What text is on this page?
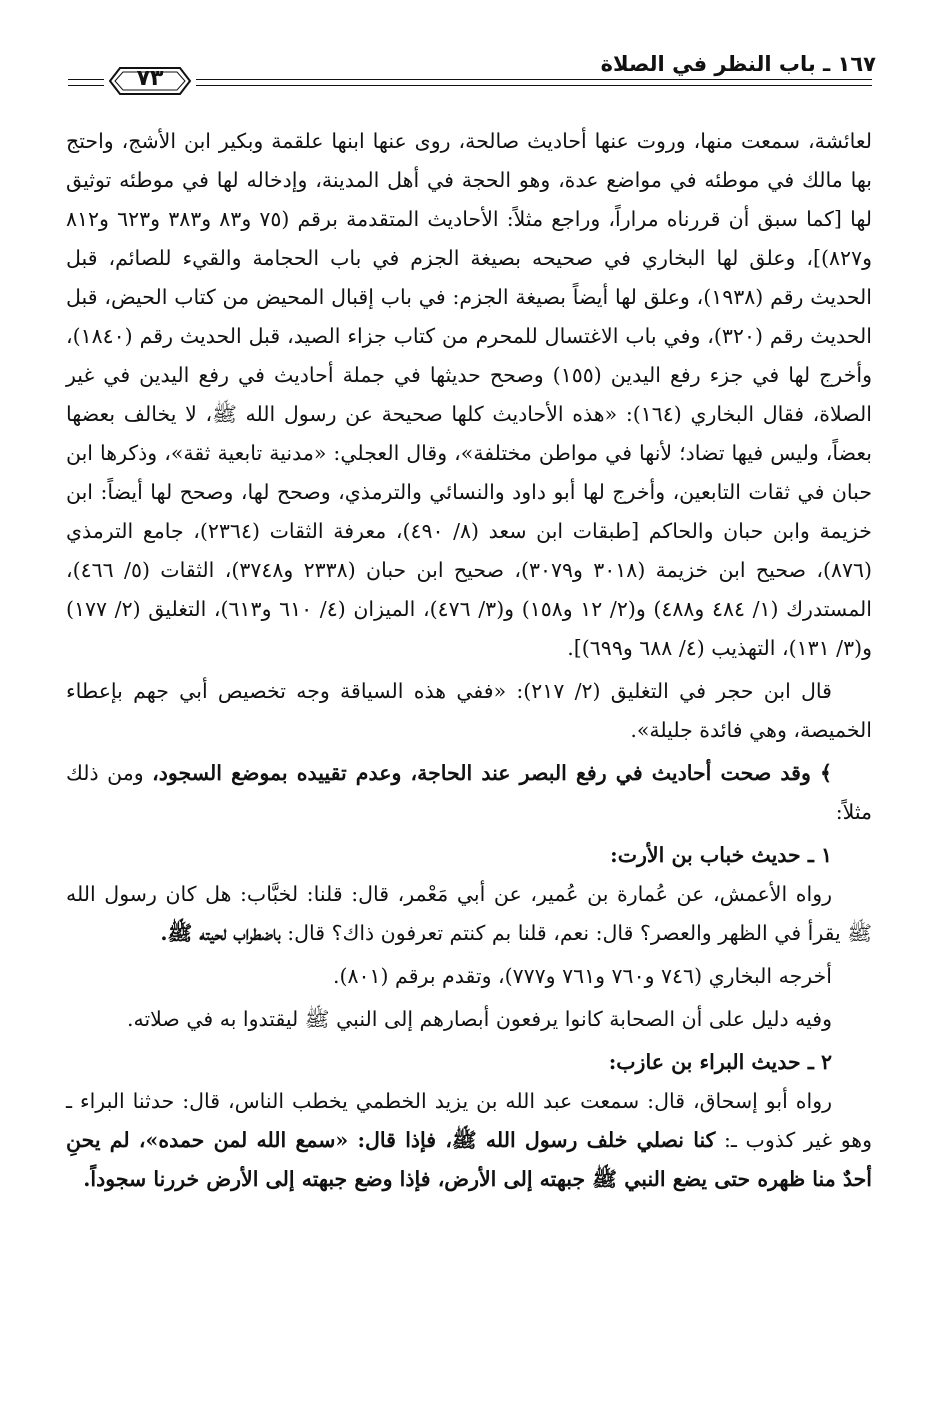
١٦٧ ـ باب النظر في الصلاة
٧٣

لعائشة، سمعت منها، وروت عنها أحاديث صالحة، روى عنها ابنها علقمة وبكير ابن الأشج، واحتج بها مالك في موطئه في مواضع عدة، وهو الحجة في أهل المدينة، وإدخاله لها في موطئه توثيق لها [كما سبق أن قررناه مراراً، وراجع مثلاً: الأحاديث المتقدمة برقم (٧٥ و٨٣ و٣٨٣ و٦٢٣ و٨١٢ و٨٢٧)]، وعلق لها البخاري في صحيحه بصيغة الجزم في باب الحجامة والقيء للصائم، قبل الحديث رقم (١٩٣٨)، وعلق لها أيضاً بصيغة الجزم: في باب إقبال المحيض من كتاب الحيض، قبل الحديث رقم (٣٢٠)، وفي باب الاغتسال للمحرم من كتاب جزاء الصيد، قبل الحديث رقم (١٨٤٠)، وأخرج لها في جزء رفع اليدين (١٥٥) وصحح حديثها في جملة أحاديث في رفع اليدين في غير الصلاة، فقال البخاري (١٦٤): «هذه الأحاديث كلها صحيحة عن رسول الله ﷺ، لا يخالف بعضها بعضاً، وليس فيها تضاد؛ لأنها في مواطن مختلفة»، وقال العجلي: «مدنية تابعية ثقة»، وذكرها ابن حبان في ثقات التابعين، وأخرج لها أبو داود والنسائي والترمذي، وصحح لها، وصحح لها أيضاً: ابن خزيمة وابن حبان والحاكم [طبقات ابن سعد (٨/ ٤٩٠)، معرفة الثقات (٢٣٦٤)، جامع الترمذي (٨٧٦)، صحيح ابن خزيمة (٣٠١٨ و٣٠٧٩)، صحيح ابن حبان (٢٣٣٨ و٣٧٤٨)، الثقات (٥/ ٤٦٦)، المستدرك (١/ ٤٨٤ و٤٨٨) و(٢/ ١٢ و١٥٨) و(٣/ ٤٧٦)، الميزان (٤/ ٦١٠ و٦١٣)، التغليق (٢/ ١٧٧) و(٣/ ١٣١)، التهذيب (٤/ ٦٨٨ و٦٩٩)].

قال ابن حجر في التغليق (٢/ ٢١٧): «ففي هذه السياقة وجه تخصيص أبي جهم بإعطاء الخميصة، وهي فائدة جليلة».

﴾ وقد صحت أحاديث في رفع البصر عند الحاجة، وعدم تقييده بموضع السجود، ومن ذلك مثلاً:

١ ـ حديث خباب بن الأرت:

رواه الأعمش، عن عُمارة بن عُمير، عن أبي مَعْمر، قال: قلنا: لخبَّاب: هل كان رسول الله ﷺ يقرأ في الظهر والعصر؟ قال: نعم، قلنا بم كنتم تعرفون ذاك؟ قال: باضطراب لحيته ﷺ.

أخرجه البخاري (٧٤٦ و٧٦٠ و٧٦١ و٧٧٧)، وتقدم برقم (٨٠١).

وفيه دليل على أن الصحابة كانوا يرفعون أبصارهم إلى النبي ﷺ ليقتدوا به في صلاته.

٢ ـ حديث البراء بن عازب:

رواه أبو إسحاق، قال: سمعت عبد الله بن يزيد الخطمي يخطب الناس، قال: حدثنا البراء ـ وهو غير كذوب ـ: كنا نصلي خلف رسول الله ﷺ، فإذا قال: «سمع الله لمن حمده»، لم يحنِ أحدٌ منا ظهره حتى يضع النبي ﷺ جبهته إلى الأرض، فإذا وضع جبهته إلى الأرض خررنا سجوداً.
